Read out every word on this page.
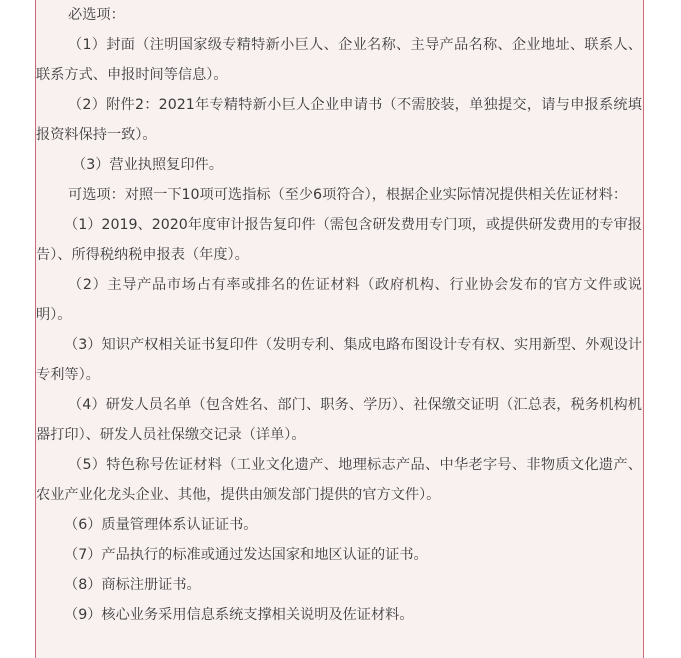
必选项：

（1）封面（注明国家级专精特新小巨人、企业名称、主导产品名称、企业地址、联系人、联系方式、申报时间等信息）。

（2）附件2：2021年专精特新小巨人企业申请书（不需胶装，单独提交，请与申报系统填报资料保持一致）。

（3）营业执照复印件。

可选项：对照一下10项可选指标（至少6项符合），根据企业实际情况提供相关佐证材料：

（1）2019、2020年度审计报告复印件（需包含研发费用专门项，或提供研发费用的专审报告）、所得税纳税申报表（年度）。

（2）主导产品市场占有率或排名的佐证材料（政府机构、行业协会发布的官方文件或说明）。

（3）知识产权相关证书复印件（发明专利、集成电路布图设计专有权、实用新型、外观设计专利等）。

（4）研发人员名单（包含姓名、部门、职务、学历）、社保缴交证明（汇总表，税务机构机器打印）、研发人员社保缴交记录（详单）。

（5）特色称号佐证材料（工业文化遗产、地理标志产品、中华老字号、非物质文化遗产、农业产业化龙头企业、其他，提供由颁发部门提供的官方文件）。

（6）质量管理体系认证证书。

（7）产品执行的标准或通过发达国家和地区认证的证书。

（8）商标注册证书。

（9）核心业务采用信息系统支撑相关说明及佐证材料。
